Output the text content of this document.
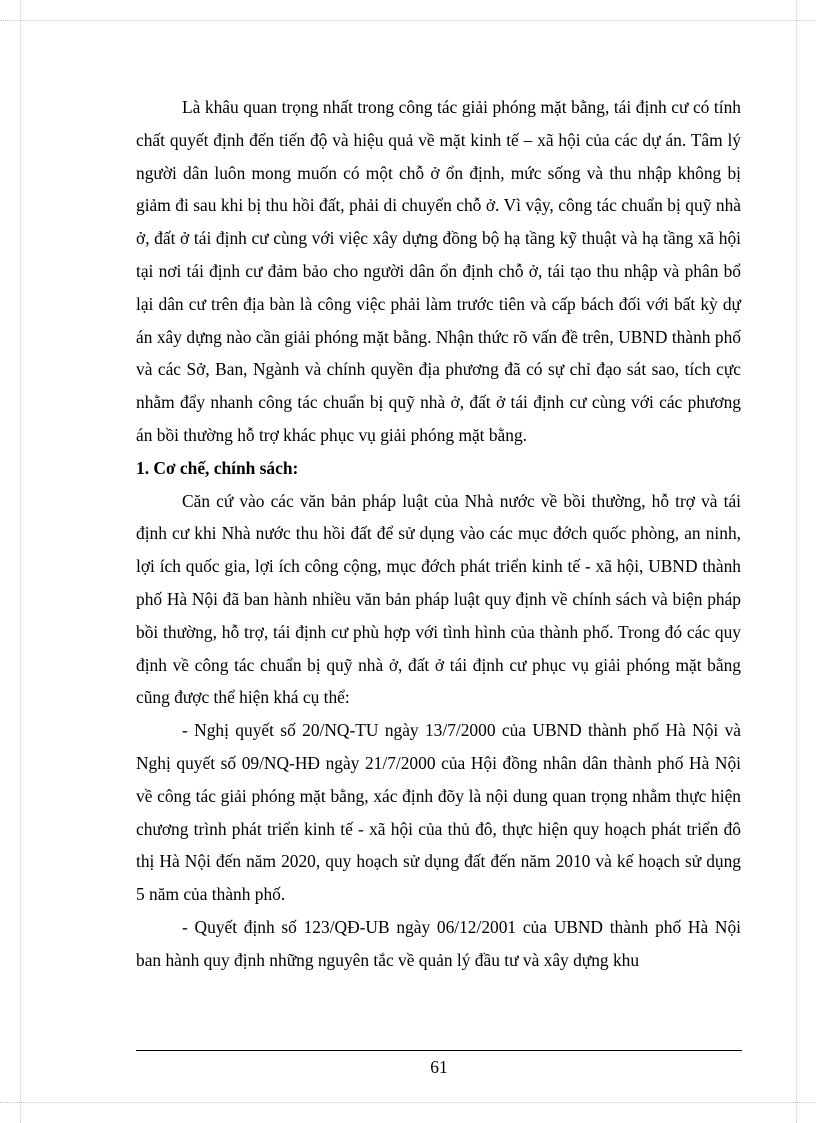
Là khâu quan trọng nhất trong công tác giải phóng mặt bằng, tái định cư có tính chất quyết định đến tiến độ và hiệu quả về mặt kinh tế – xã hội của các dự án. Tâm lý người dân luôn mong muốn có một chỗ ở ổn định, mức sống và thu nhập không bị giảm đi sau khi bị thu hồi đất, phải di chuyển chỗ ở. Vì vậy, công tác chuẩn bị quỹ nhà ở, đất ở tái định cư cùng với việc xây dựng đồng bộ hạ tầng kỹ thuật và hạ tầng xã hội tại nơi tái định cư đảm bảo cho người dân ổn định chỗ ở, tái tạo thu nhập và phân bổ lại dân cư trên địa bàn là công việc phải làm trước tiên và cấp bách đối với bất kỳ dự án xây dựng nào cần giải phóng mặt bằng. Nhận thức rõ vấn đề trên, UBND thành phố và các Sở, Ban, Ngành và chính quyền địa phương đã có sự chỉ đạo sát sao, tích cực nhằm đẩy nhanh công tác chuẩn bị quỹ nhà ở, đất ở tái định cư cùng với các phương án bồi thường hỗ trợ khác phục vụ giải phóng mặt bằng.

1. Cơ chế, chính sách:

Căn cứ vào các văn bản pháp luật của Nhà nước về bồi thường, hỗ trợ và tái định cư khi Nhà nước thu hồi đất để sử dụng vào các mục đớch quốc phòng, an ninh, lợi ích quốc gia, lợi ích công cộng, mục đớch phát triển kinh tế - xã hội, UBND thành phố Hà Nội đã ban hành nhiều văn bản pháp luật quy định về chính sách và biện pháp bồi thường, hỗ trợ, tái định cư phù hợp với tình hình của thành phố. Trong đó các quy định về công tác chuẩn bị quỹ nhà ở, đất ở tái định cư phục vụ giải phóng mặt bằng cũng được thể hiện khá cụ thể:

- Nghị quyết số 20/NQ-TU ngày 13/7/2000 của UBND thành phố Hà Nội và Nghị quyết số 09/NQ-HĐ ngày 21/7/2000 của Hội đồng nhân dân thành phố Hà Nội về công tác giải phóng mặt bằng, xác định đõy là nội dung quan trọng nhằm thực hiện chương trình phát triển kinh tế - xã hội của thủ đô, thực hiện quy hoạch phát triển đô thị Hà Nội đến năm 2020, quy hoạch sử dụng đất đến năm 2010 và kế hoạch sử dụng 5 năm của thành phố.

- Quyết định số 123/QĐ-UB ngày 06/12/2001 của UBND thành phố Hà Nội ban hành quy định những nguyên tắc về quản lý đầu tư và xây dựng khu

61
